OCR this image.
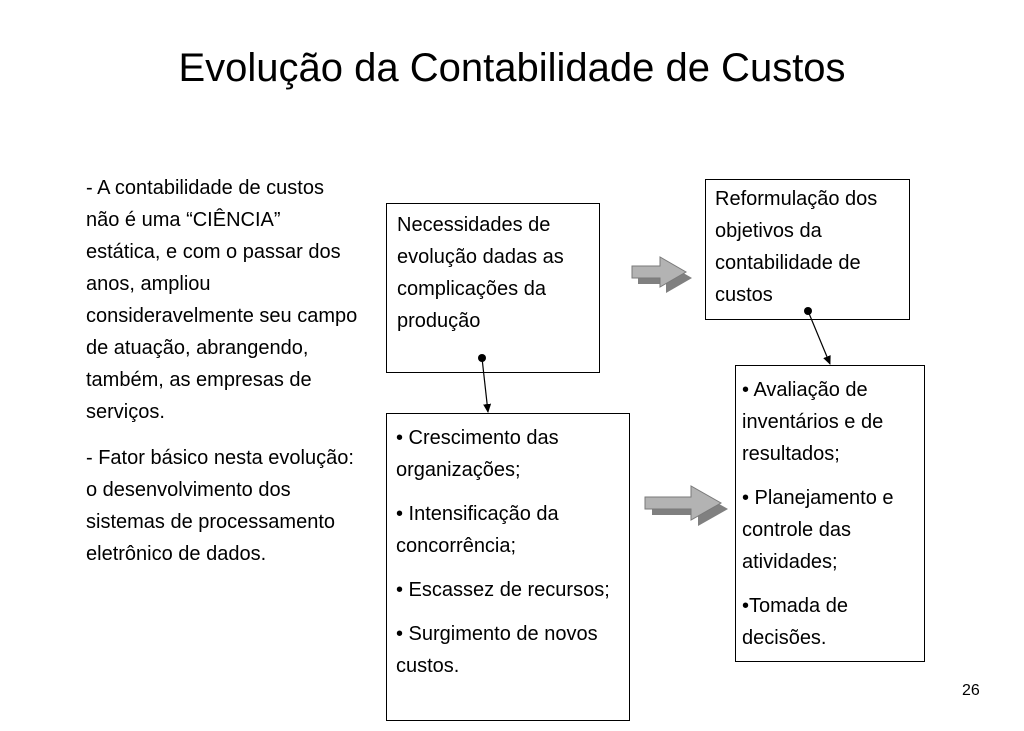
Evolução da Contabilidade de Custos

- A contabilidade de custos não é uma “CIÊNCIA” estática, e com o passar dos anos, ampliou consideravelmente seu campo de atuação, abrangendo, também, as empresas de serviços.

- Fator básico nesta evolução: o desenvolvimento dos sistemas de processamento eletrônico de dados.

Necessidades de evolução dadas as complicações da produção

Reformulação dos objetivos da contabilidade de custos

• Crescimento das organizações;

• Intensificação da concorrência;

• Escassez de recursos;

• Surgimento de novos custos.

• Avaliação de inventários e de resultados;

• Planejamento e controle das atividades;

•Tomada de decisões.

26
